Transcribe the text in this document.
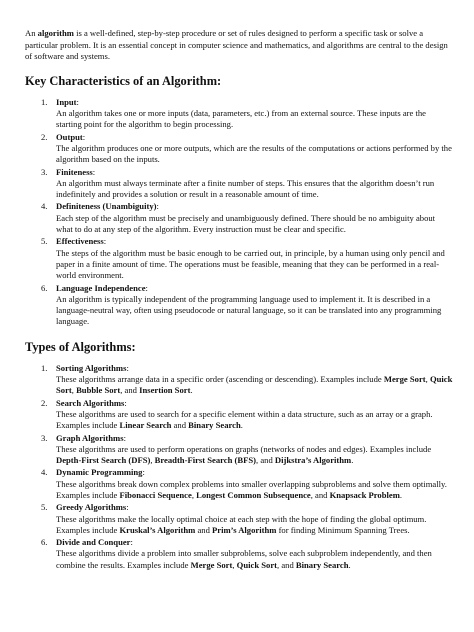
An algorithm is a well-defined, step-by-step procedure or set of rules designed to perform a specific task or solve a particular problem. It is an essential concept in computer science and mathematics, and algorithms are central to the design of software and systems.

Key Characteristics of an Algorithm:
1. Input:
An algorithm takes one or more inputs (data, parameters, etc.) from an external source. These inputs are the starting point for the algorithm to begin processing.
2. Output:
The algorithm produces one or more outputs, which are the results of the computations or actions performed by the algorithm based on the inputs.
3. Finiteness:
An algorithm must always terminate after a finite number of steps. This ensures that the algorithm doesn’t run indefinitely and provides a solution or result in a reasonable amount of time.
4. Definiteness (Unambiguity):
Each step of the algorithm must be precisely and unambiguously defined. There should be no ambiguity about what to do at any step of the algorithm. Every instruction must be clear and specific.
5. Effectiveness:
The steps of the algorithm must be basic enough to be carried out, in principle, by a human using only pencil and paper in a finite amount of time. The operations must be feasible, meaning that they can be performed in a real-world environment.
6. Language Independence:
An algorithm is typically independent of the programming language used to implement it. It is described in a language-neutral way, often using pseudocode or natural language, so it can be translated into any programming language.
Types of Algorithms:
1. Sorting Algorithms:
These algorithms arrange data in a specific order (ascending or descending). Examples include Merge Sort, Quick Sort, Bubble Sort, and Insertion Sort.
2. Search Algorithms:
These algorithms are used to search for a specific element within a data structure, such as an array or a graph. Examples include Linear Search and Binary Search.
3. Graph Algorithms:
These algorithms are used to perform operations on graphs (networks of nodes and edges). Examples include Depth-First Search (DFS), Breadth-First Search (BFS), and Dijkstra’s Algorithm.
4. Dynamic Programming:
These algorithms break down complex problems into smaller overlapping subproblems and solve them optimally. Examples include Fibonacci Sequence, Longest Common Subsequence, and Knapsack Problem.
5. Greedy Algorithms:
These algorithms make the locally optimal choice at each step with the hope of finding the global optimum. Examples include Kruskal’s Algorithm and Prim’s Algorithm for finding Minimum Spanning Trees.
6. Divide and Conquer:
These algorithms divide a problem into smaller subproblems, solve each subproblem independently, and then combine the results. Examples include Merge Sort, Quick Sort, and Binary Search.
